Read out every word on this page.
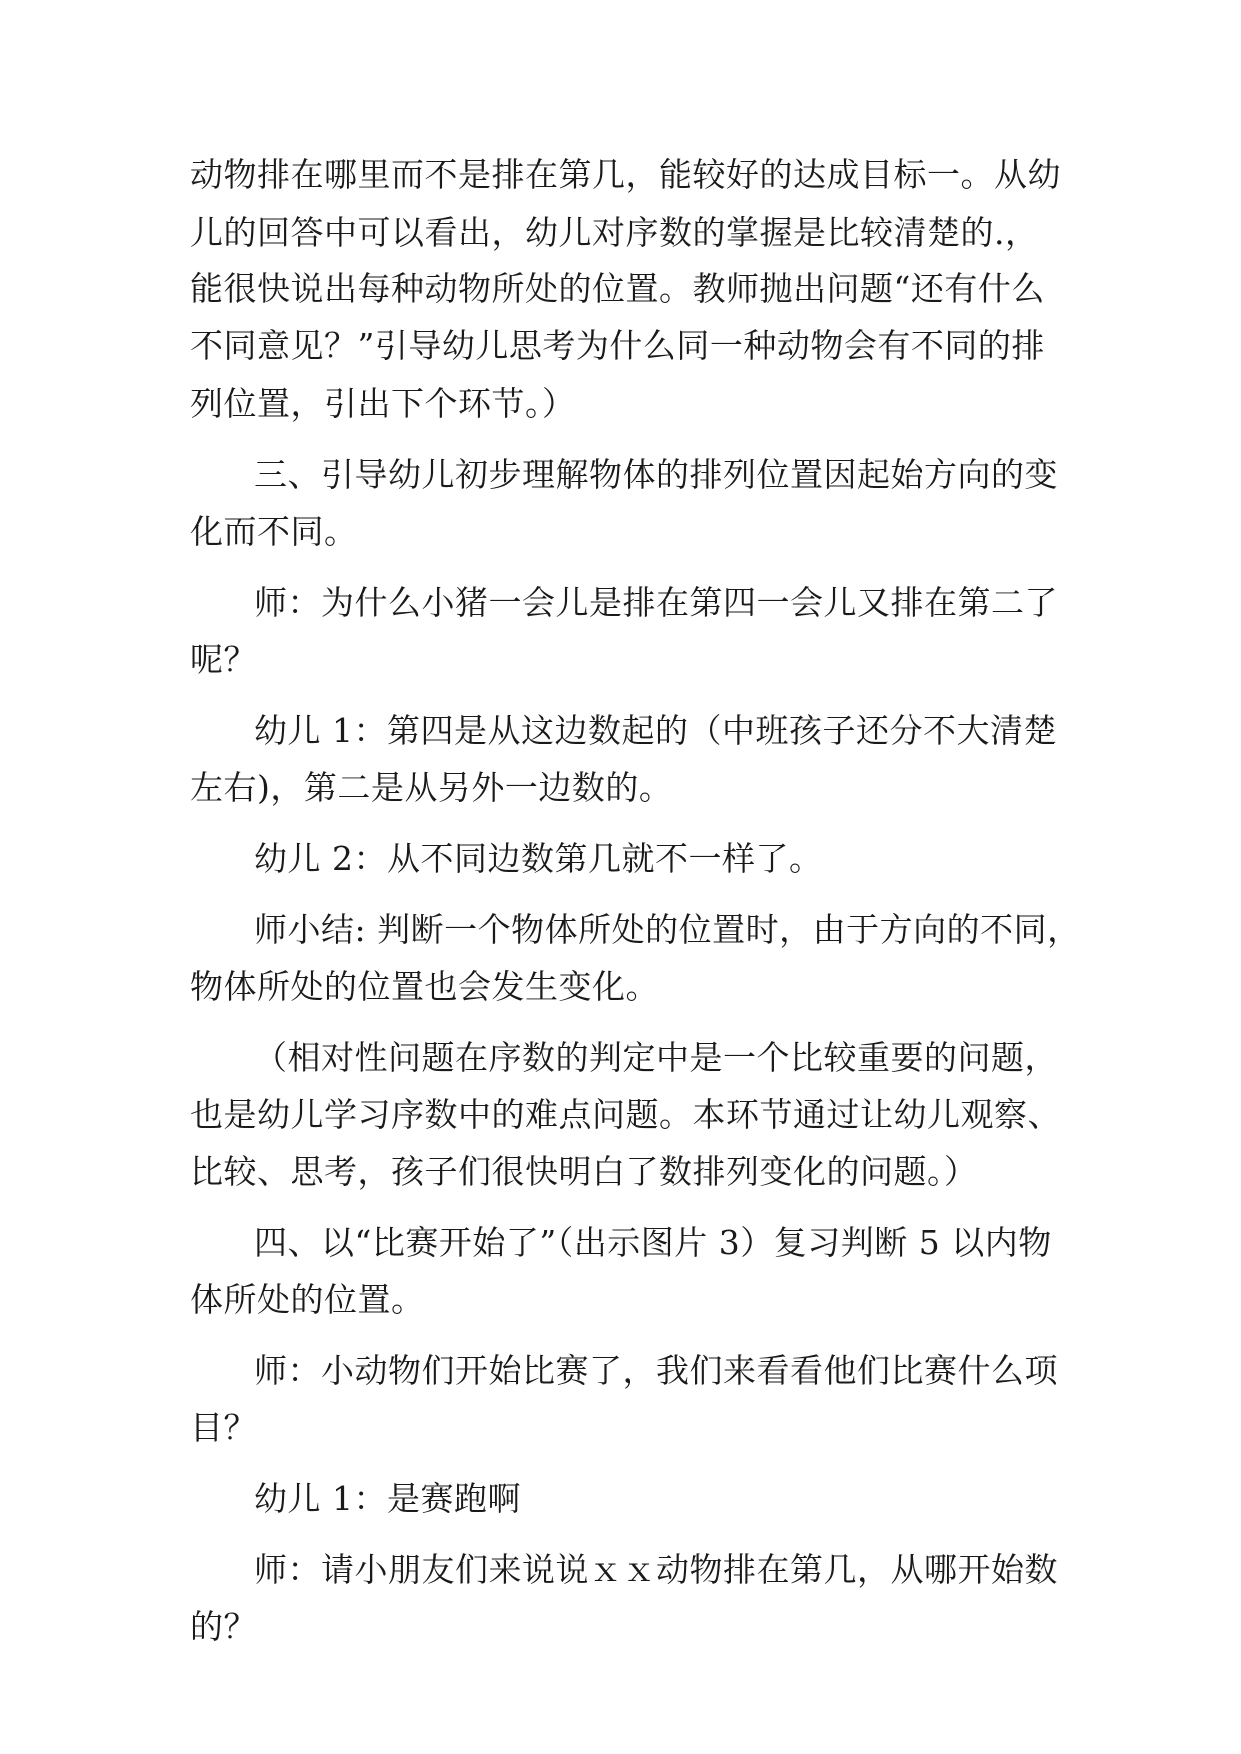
动物排在哪里而不是排在第几，能较好的达成目标一。从幼
儿的回答中可以看出，幼儿对序数的掌握是比较清楚的.，
能很快说出每种动物所处的位置。教师抛出问题“还有什么
不同意见？”引导幼儿思考为什么同一种动物会有不同的排
列位置，引出下个环节。）
三、引导幼儿初步理解物体的排列位置因起始方向的变
化而不同。
师：为什么小猪一会儿是排在第四一会儿又排在第二了
呢？
幼儿 1：第四是从这边数起的（中班孩子还分不大清楚
左右)，第二是从另外一边数的。
幼儿 2：从不同边数第几就不一样了。
师小结: 判断一个物体所处的位置时，由于方向的不同，
物体所处的位置也会发生变化。
（相对性问题在序数的判定中是一个比较重要的问题，
也是幼儿学习序数中的难点问题。本环节通过让幼儿观察、
比较、思考，孩子们很快明白了数排列变化的问题。）
四、以“比赛开始了”（出示图片 3）复习判断 5 以内物
体所处的位置。
师：小动物们开始比赛了，我们来看看他们比赛什么项
目？
幼儿 1：是赛跑啊
师：请小朋友们来说说ｘｘ动物排在第几，从哪开始数
的？
